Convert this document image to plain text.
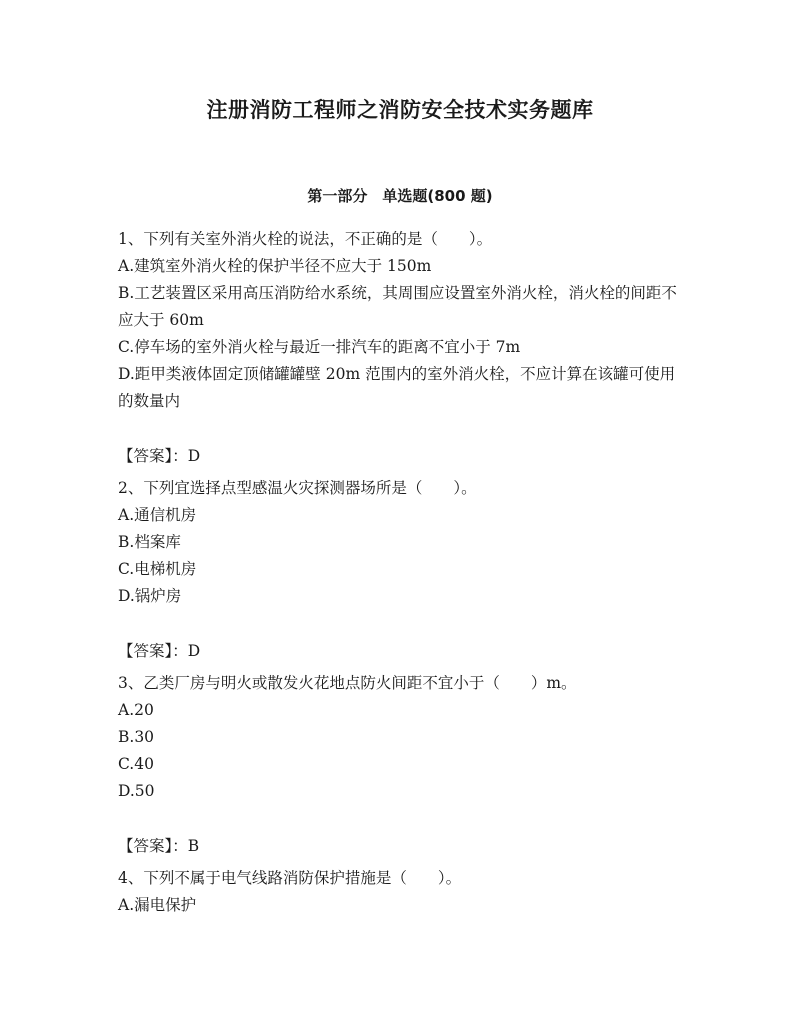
注册消防工程师之消防安全技术实务题库
第一部分　单选题(800 题)
1、下列有关室外消火栓的说法，不正确的是（　　）。
A.建筑室外消火栓的保护半径不应大于 150m
B.工艺装置区采用高压消防给水系统，其周围应设置室外消火栓，消火栓的间距不应大于 60m
C.停车场的室外消火栓与最近一排汽车的距离不宜小于 7m
D.距甲类液体固定顶储罐罐壁 20m 范围内的室外消火栓，不应计算在该罐可使用的数量内
【答案】：D
2、下列宜选择点型感温火灾探测器场所是（　　）。
A.通信机房
B.档案库
C.电梯机房
D.锅炉房
【答案】：D
3、乙类厂房与明火或散发火花地点防火间距不宜小于（　　）m。
A.20
B.30
C.40
D.50
【答案】：B
4、下列不属于电气线路消防保护措施是（　　）。
A.漏电保护
